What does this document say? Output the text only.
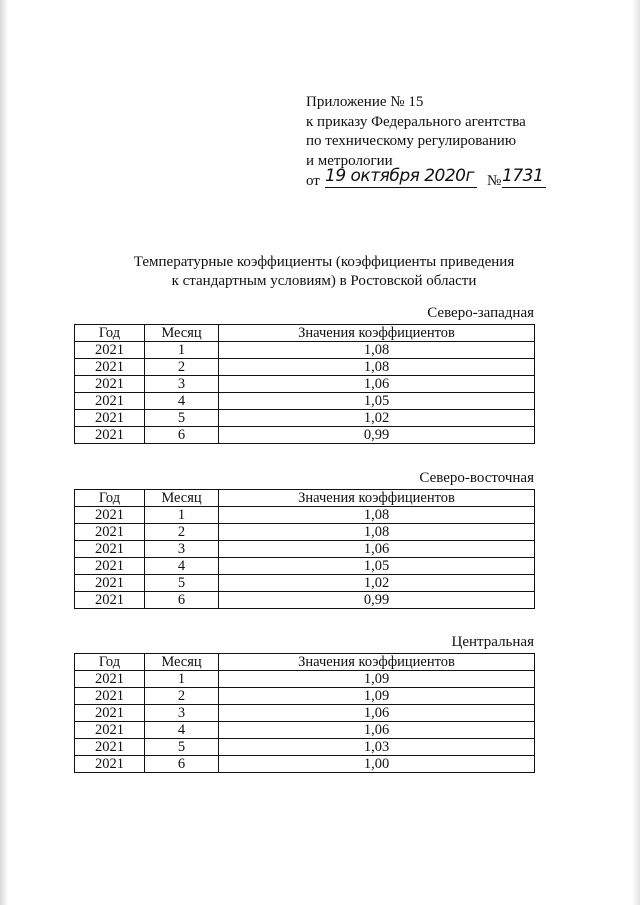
Приложение № 15
к приказу Федерального агентства
по техническому регулированию
и метрологии
от 19 октября 2020г № 1731
Температурные коэффициенты (коэффициенты приведения
к стандартным условиям) в Ростовской области
Северо-западная
Год	Месяц	Значения коэффициентов
2021	1	1,08
2021	2	1,08
2021	3	1,06
2021	4	1,05
2021	5	1,02
2021	6	0,99
Северо-восточная
Год	Месяц	Значения коэффициентов
2021	1	1,08
2021	2	1,08
2021	3	1,06
2021	4	1,05
2021	5	1,02
2021	6	0,99
Центральная
Год	Месяц	Значения коэффициентов
2021	1	1,09
2021	2	1,09
2021	3	1,06
2021	4	1,06
2021	5	1,03
2021	6	1,00
